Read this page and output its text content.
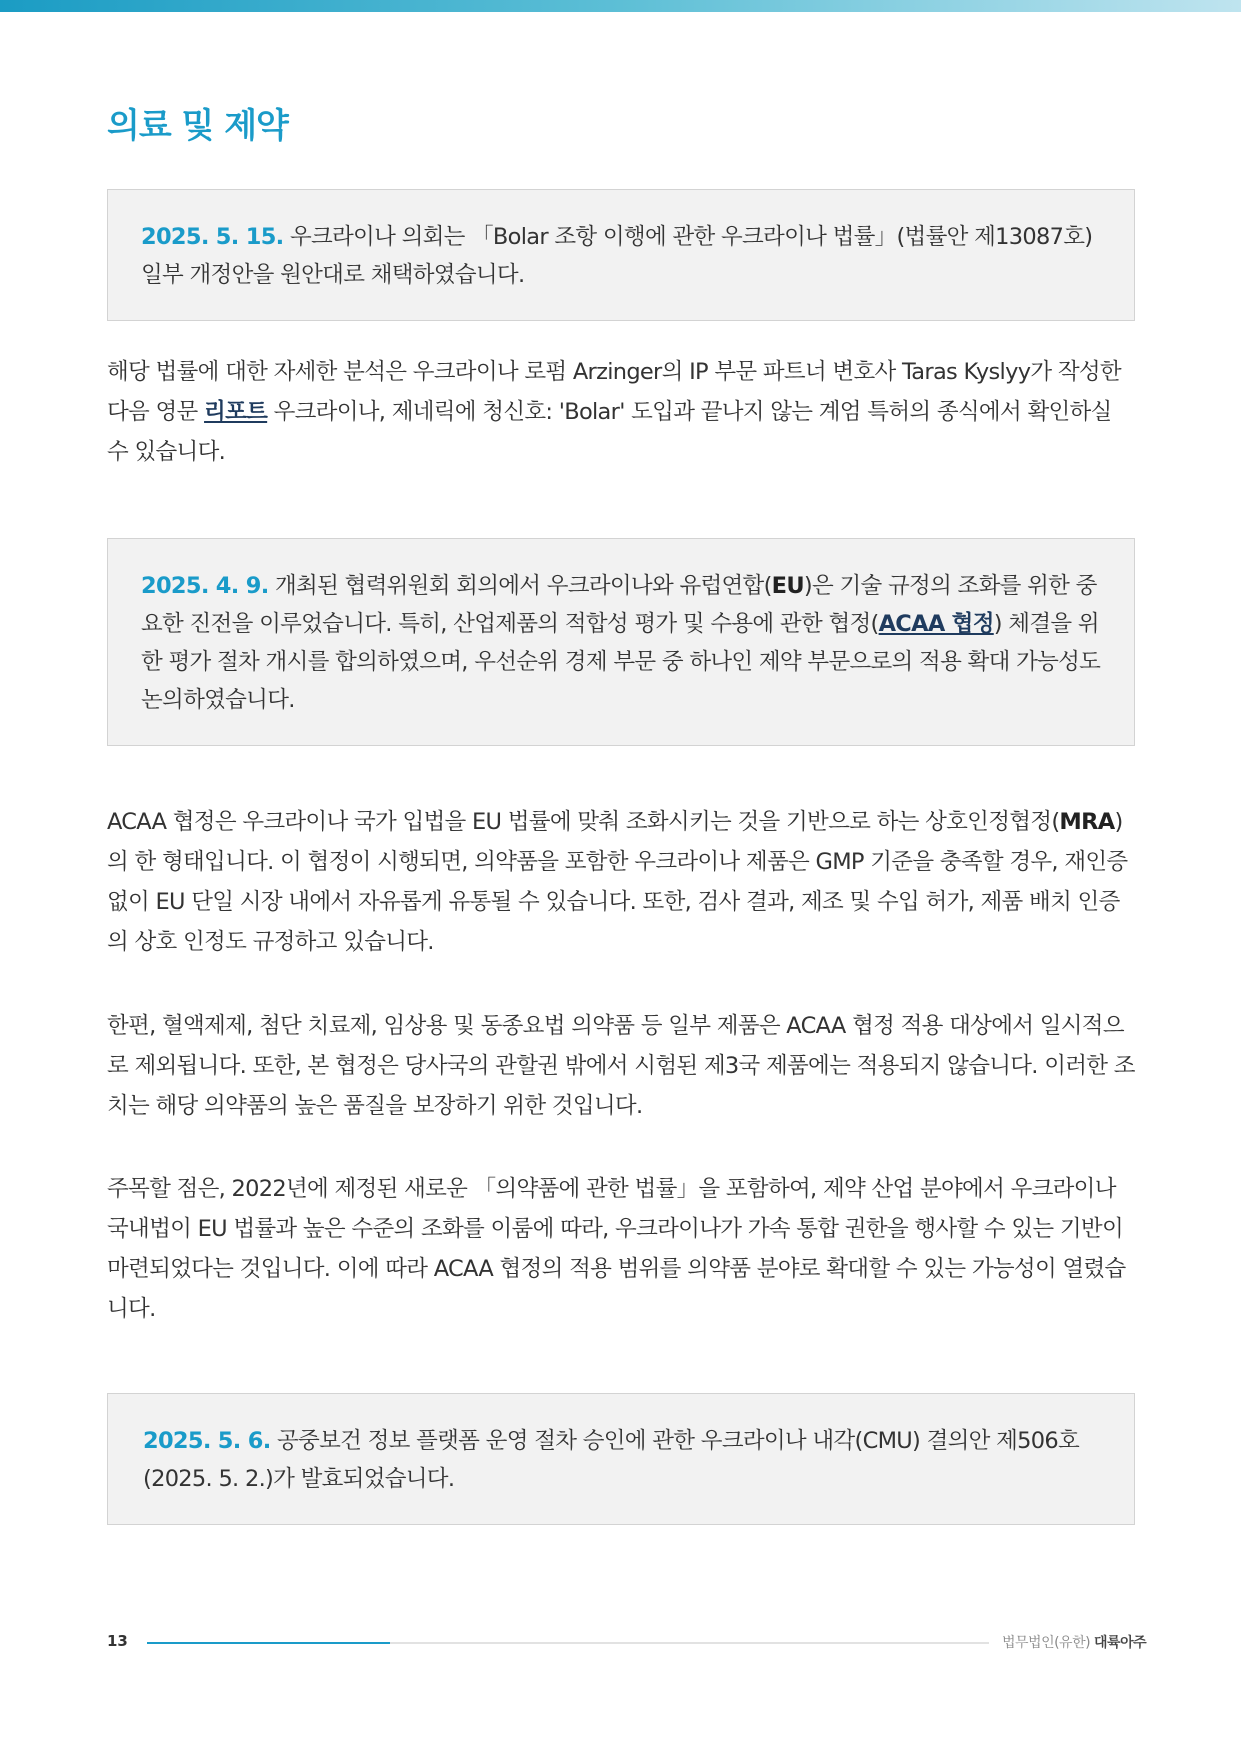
의료 및 제약
2025. 5. 15. 우크라이나 의회는 「Bolar 조항 이행에 관한 우크라이나 법률」(법률안 제13087호) 일부 개정안을 원안대로 채택하였습니다.

해당 법률에 대한 자세한 분석은 우크라이나 로펌 Arzinger의 IP 부문 파트너 변호사 Taras Kyslyy가 작성한 다음 영문 리포트 우크라이나, 제네릭에 청신호: 'Bolar' 도입과 끝나지 않는 계엄 특허의 종식에서 확인하실 수 있습니다.

2025. 4. 9. 개최된 협력위원회 회의에서 우크라이나와 유럽연합(EU)은 기술 규정의 조화를 위한 중요한 진전을 이루었습니다. 특히, 산업제품의 적합성 평가 및 수용에 관한 협정(ACAA 협정) 체결을 위한 평가 절차 개시를 합의하였으며, 우선순위 경제 부문 중 하나인 제약 부문으로의 적용 확대 가능성도 논의하였습니다.

ACAA 협정은 우크라이나 국가 입법을 EU 법률에 맞춰 조화시키는 것을 기반으로 하는 상호인정협정(MRA)의 한 형태입니다. 이 협정이 시행되면, 의약품을 포함한 우크라이나 제품은 GMP 기준을 충족할 경우, 재인증 없이 EU 단일 시장 내에서 자유롭게 유통될 수 있습니다. 또한, 검사 결과, 제조 및 수입 허가, 제품 배치 인증의 상호 인정도 규정하고 있습니다.

한편, 혈액제제, 첨단 치료제, 임상용 및 동종요법 의약품 등 일부 제품은 ACAA 협정 적용 대상에서 일시적으로 제외됩니다. 또한, 본 협정은 당사국의 관할권 밖에서 시험된 제3국 제품에는 적용되지 않습니다. 이러한 조치는 해당 의약품의 높은 품질을 보장하기 위한 것입니다.

주목할 점은, 2022년에 제정된 새로운 「의약품에 관한 법률」을 포함하여, 제약 산업 분야에서 우크라이나 국내법이 EU 법률과 높은 수준의 조화를 이룸에 따라, 우크라이나가 가속 통합 권한을 행사할 수 있는 기반이 마련되었다는 것입니다. 이에 따라 ACAA 협정의 적용 범위를 의약품 분야로 확대할 수 있는 가능성이 열렸습니다.

2025. 5. 6. 공중보건 정보 플랫폼 운영 절차 승인에 관한 우크라이나 내각(CMU) 결의안 제506호 (2025. 5. 2.)가 발효되었습니다.
13	법무법인(유한) 대륙아주
